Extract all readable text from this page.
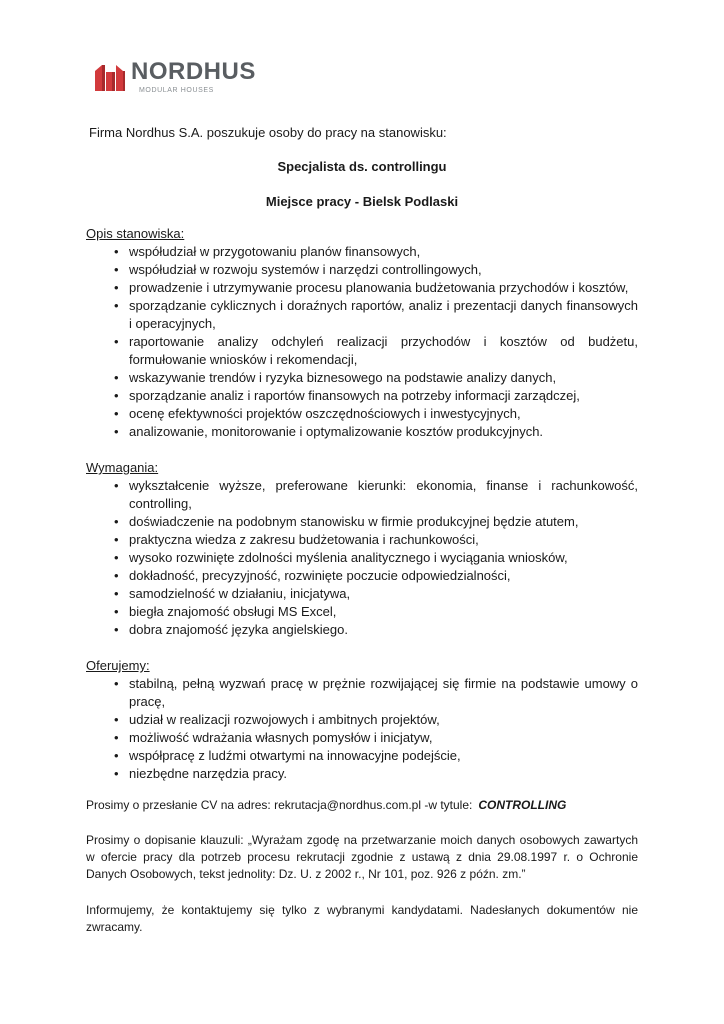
NORDHUS
MODULAR HOUSES

Firma Nordhus S.A. poszukuje osoby do pracy na stanowisku:

Specjalista ds. controllingu

Miejsce pracy - Bielsk Podlaski

Opis stanowiska:

• współudział w przygotowaniu planów finansowych,
• współudział w rozwoju systemów i narzędzi controllingowych,
• prowadzenie i utrzymywanie procesu planowania budżetowania przychodów i kosztów,
• sporządzanie cyklicznych i doraźnych raportów, analiz i prezentacji danych finansowych i operacyjnych,
• raportowanie analizy odchyleń realizacji przychodów i kosztów od budżetu, formułowanie wniosków i rekomendacji,
• wskazywanie trendów i ryzyka biznesowego na podstawie analizy danych,
• sporządzanie analiz i raportów finansowych na potrzeby informacji zarządczej,
• ocenę efektywności projektów oszczędnościowych i inwestycyjnych,
• analizowanie, monitorowanie i optymalizowanie kosztów produkcyjnych.

Wymagania:

• wykształcenie wyższe, preferowane kierunki: ekonomia, finanse i rachunkowość, controlling,
• doświadczenie na podobnym stanowisku w firmie produkcyjnej będzie atutem,
• praktyczna wiedza z zakresu budżetowania i rachunkowości,
• wysoko rozwinięte zdolności myślenia analitycznego i wyciągania wniosków,
• dokładność, precyzyjność, rozwinięte poczucie odpowiedzialności,
• samodzielność w działaniu, inicjatywa,
• biegła znajomość obsługi MS Excel,
• dobra znajomość języka angielskiego.

Oferujemy:

• stabilną, pełną wyzwań pracę w prężnie rozwijającej się firmie na podstawie umowy o pracę,
• udział w realizacji rozwojowych i ambitnych projektów,
• możliwość wdrażania własnych pomysłów i inicjatyw,
• współpracę z ludźmi otwartymi na innowacyjne podejście,
• niezbędne narzędzia pracy.

Prosimy o przesłanie CV na adres: rekrutacja@nordhus.com.pl -w tytule: CONTROLLING

Prosimy o dopisanie klauzuli: „Wyrażam zgodę na przetwarzanie moich danych osobowych zawartych w ofercie pracy dla potrzeb procesu rekrutacji zgodnie z ustawą z dnia 29.08.1997 r. o Ochronie Danych Osobowych, tekst jednolity: Dz. U. z 2002 r., Nr 101, poz. 926 z późn. zm.”

Informujemy, że kontaktujemy się tylko z wybranymi kandydatami. Nadesłanych dokumentów nie zwracamy.
